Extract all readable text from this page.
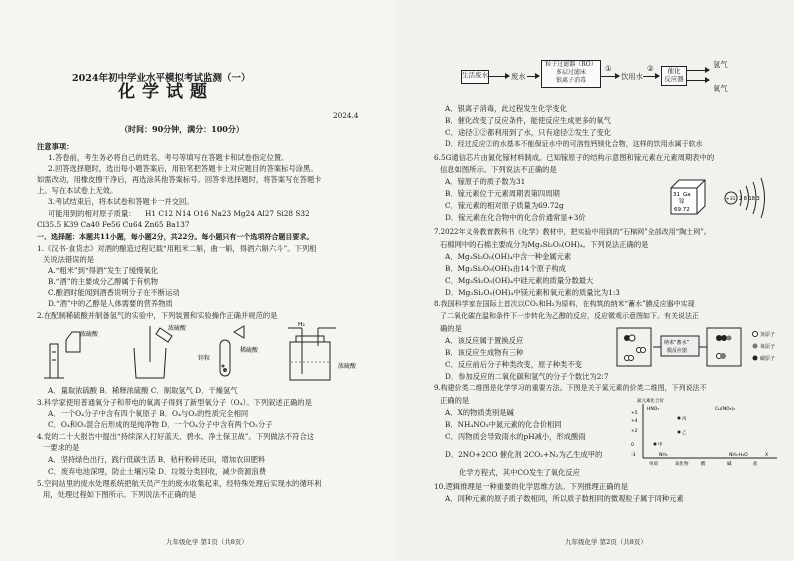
2024年初中学业水平模拟考试监测（一）
化学试题
2024.4
（时间：90分钟，满分：100分）
注意事项：
1.答卷前，考生务必将自己的姓名、考号等填写在答题卡和试卷指定位置。
2.回答选择题时，选出每小题答案后，用铅笔把答题卡上对应题目的答案标号涂黑。
如需改动，用橡皮擦干净后，再选涂其他答案标号。回答非选择题时，将答案写在答题卡
上。写在本试卷上无效。
3.考试结束后，将本试卷和答题卡一并交回。
可能用到的相对原子质量： H1 C12 N14 O16 Na23 Mg24 Al27 Si28 S32
Cl35.5 K39 Ca40 Fe56 Cu64 Zn65 Ba137
一、选择题：本题共11小题，每小题2分，共22分。每小题只有一个选项符合题目要求。
1.《汉书·食货志》对酒的酿造过程记载“用粗米二斛，曲一斛，得酒六斛六斗”。下列相
关说法错误的是
A.“粗米”到“得酒”发生了缓慢氧化
B.“酒”的主要成分乙醇属于有机物
C.酿酒时能闻到酒香说明分子在不断运动
D.“酒”中的乙醇是人体需要的营养物质
2.在配制稀硫酸并制备氢气的实验中，下列装置和实验操作正确并规范的是
浓硫酸
浓硫酸
锌粒
稀硫酸
H₂
浓硫酸
A．量取浓硫酸 B．稀释浓硫酸 C．制取氢气 D．干燥氢气
3.科学家使用普通氧分子和带电的氧离子得到了新型氧分子（O₄）。下列叙述正确的是
A．一个O₄分子中含有四个氧原子 B．O₄与O₂的性质完全相同
C．O₄和O₂混合后形成的是纯净物 D．一个O₄分子中含有两个O₂分子
4.党的二十大报告中提出“持续深入打好蓝天、碧水、净土保卫战”。下列做法不符合这
一要求的是
A．坚持绿色出行，践行低碳生活 B．秸秆粉碎还田，增加农田肥料
C．废弃电池深埋，防止土壤污染 D．垃圾分类回收，减少资源浪费
5.空间站里的废水处理系统把航天员产生的废水收集起来，经特殊处理后实现水的循环利
用，处理过程如下图所示。下列说法不正确的是
九年级化学 第1页（共8页）
生活废水	废水
粒子过滤器（RO）
多层过滤床
银离子消毒
①
饮用水
②	催化
反应器
氢气
氧气
A．银离子消毒，此过程发生化学变化
B．催化改变了反应条件，能使反应生成更多的氧气
C．途径①②都利用到了水，只有途径②发生了变化
D．经过反应②的水基本不能保证水中的可溶性钙镁化合物，这样的饮用水属于软水
6.5G通信芯片由氮化镓材料制成。已知镓原子的结构示意图和镓元素在元素周期表中的
信息如图所示。下列说法不正确的是
A．镓原子的质子数为31
B．镓元素位于元素周期表第四周期
C．镓元素的相对原子质量为69.72g
D．镓元素在化合物中的化合价通常显+3价
31 Ga
镓
69.72
+31 2 8 18 3
7.2022年义务教育教科书《化学》教材中，把实验中用到的“石棉网”全部改用“陶土网”。
石棉网中的石棉主要成分为Mg₃Si₂O₅(OH)₄。下列说法正确的是
A．Mg₃Si₂O₅(OH)₄中含一种金属元素
B．Mg₃Si₂O₅(OH)₄由14个原子构成
C．Mg₃Si₂O₅(OH)₄中硅元素的质量分数最大
D．Mg₃Si₂O₅(OH)₄中镁元素和氧元素的质量比为1:3
8.我国科学家在国际上首次以CO₂和H₂为原料，在构筑的纳米“蓄水”膜反应器中实现
了二氧化碳在温和条件下一步转化为乙醇的反应，反应微观示意图如下。有关说法正
确的是
A．该反应属于置换反应
B．该反应生成物有三种
C．反应前后分子种类改变，原子种类不变
D．参加反应的二氧化碳和氢气的分子个数比为2:7
纳米“蓄水”
膜反应器
氢原子
氧原子
碳原子
9.构建价类二维图是化学学习的重要方法。下图是关于氮元素的价类二维图，下列说法不
正确的是
A．X的物质类别是碱
B．NH₄NO₃中氮元素的化合价相同
C．丙物质会导致雨水的pH减小，形成酸雨
D．2NO+2CO 催化剂 2CO₂+N₂为乙生成甲的
化学方程式，其中CO发生了氧化反应
氮元素化合价
+5
+4
+2
0
-3
HNO₃	Cu(NO₃)₂
丙
乙
甲
NH₃	NH₃·H₂O	X
单质	氧化物	酸	碱	盐
10.逻辑推理是一种重要的化学思维方法。下列推理正确的是
A．同种元素的原子质子数相同，所以质子数相同的微观粒子属于同种元素
九年级化学 第2页（共8页）
